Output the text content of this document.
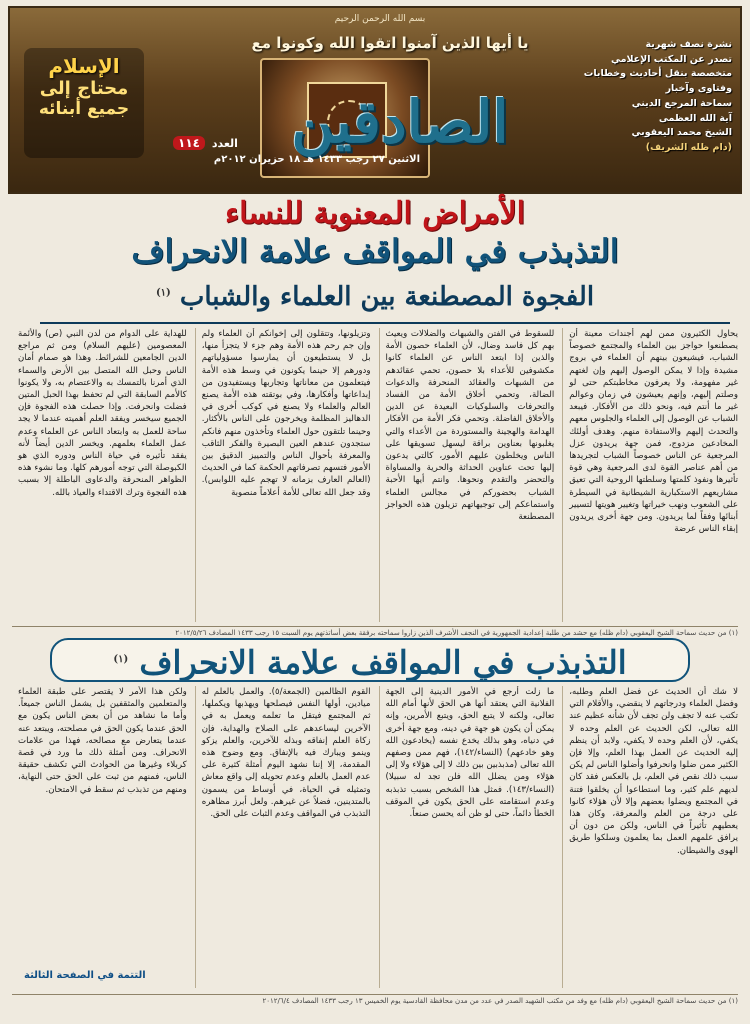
بسم الله الرحمن الرحيم
يا أيها الذين آمنوا اتقوا الله وكونوا مع	نشرة نصف شهرية
تصدر عن المكتب الإعلامي
متخصصة بنقل أحاديث وخطابات
وفتاوى وآخبار
سماحة المرجع الديني
آية الله العظمى
الشيخ محمد اليعقوبي
(دام ظله الشريف)
الصادقين
الإسلام
محتاج إلى
جميع أبنائه
العدد ١١٤
الاثنين ٢٧ رجب ١٤٣٣ هـ ١٨ حزيران ٢٠١٢م
الأمراض المعنوية للنساء
التذبذب في المواقف علامة الانحراف
الفجوة المصطنعة بين العلماء والشباب $^{(١)}$
يحاول الكثيرون ممن لهم أجندات معينة أن يصطنعوا حواجز بين العلماء والمجتمع خصوصاً الشباب، فيشيعون بينهم أن العلماء في بروج مشيدة وإذا لا يمكن الوصول إليهم وإن لغتهم غير مفهومة، ولا يعرفون مخاطبتكم حتى لو وصلتم إليهم، وإنهم يعيشون في زمان وعوالم غير ما أنتم فيه، ونحو ذلك من الأفكار. فيبعد الشباب عن الوصول إلى العلماء والجلوس معهم والتحدث إليهم والاستفادة منهم. وهدف أولئك المخادعين مزدوج، فمن جهة يريدون عزل المرجعية عن الناس خصوصاً الشباب لتجريدها من أهم عناصر القوة لدى المرجعية وهي قوة تأثيرها ونفوذ كلمتها وسلطتها الروحية التي تعيق مشاريعهم الاستكبارية الشيطانية في السيطرة على الشعوب ونهب خيراتها وتغيير هويتها لتسيير أبنائها وفقاً لما يريدون. ومن جهة أخرى يريدون إبقاء الناس عرضة
للسقوط في الفتن والشبهات والضلالات ويعيث بهم كل فاسد وضال، لأن العلماء حصون الأمة والذين إذا ابتعد الناس عن العلماء كانوا مكشوفين للأعداء بلا حصون، تحمي عقائدهم من الشبهات والعقائد المنحرفة والدعوات الضالة، وتحمي أخلاق الأمة من الفساد والتحرفات والسلوكيات البعيدة عن الدين والأخلاق الفاضلة. وتحمي فكر الأمة من الأفكار الهدامة والهجينة والمستوردة من الأعداء والتي يغلبونها بعناوين براقة ليسهل تسويقها على الناس ويخلطون عليهم الأمور، كالتي يدعون إليها تحت عناوين الحداثة والحرية والمساواة والتحضر والتقدم ونحوها. وانتم أيها الأحبة الشباب بحضوركم في مجالس العلماء واستماعكم إلى توجيهاتهم تزيلون هذه الحواجز المصطنعة
وتزيلونها، وتتقلون إلى إخوانكم أن العلماء ولم وإن جم رحم هذه الأمة وهم جزء لا يتجزأ منها، بل لا يستطيعون أن يمارسوا مسؤولياتهم ودورهم إلا حينما يكونون في وسط هذه الأمة فيتعلمون من معاناتها وتجاربها ويستفيدون من إبداعاتها وأفكارها، وفي بوتقته هذه الأمة يصنع العالم والعلماء ولا يصنع في كوكب أخرى في الدهاليز المظلمة ويخرجون على الناس بالأكثار. وحينما تلتقون حول العلماء وتأخذون منهم فانكم ستجدون عندهم العين البصيرة والفكر الثاقب والمعرفة بأحوال الناس والتمييز الدقيق بين الأمور فتسهم تصرفاتهم الحكمة كما في الحديث (العالم العارف بزمانه لا تهجم عليه اللوابس). وقد جعل الله تعالى للأمة أعلاماً منصوبة
للهداية على الدوام من لدن النبي (ص) والأئمة المعصومين (عليهم السلام) ومن ثم مراجع الدين الجامعين للشرائط. وهذا هو صمام أمان الناس وحبل الله المتصل بين الأرض والسماء الذي أمرنا بالتمسك به والاعتصام به، ولا يكونوا كالأمم السابقة التي لم تحفظ بهذا الحبل المتين فضلت وانحرفت. وإذا حصلت هذه الفجوة فإن الجميع سيخسر ويفقد العلم أهميته عندما لا يجد ساحة للعمل به وابتعاد الناس عن العلماء وعدم عمل العلماء بعلمهم. ويخسر الدين أيضاً لأنه يفقد تأثيره في حياة الناس ودوره الذي هو الكبوصلة التي توجه أمورهم كلها. وما نشوء هذه الظواهر المنحرفة والدعاوى الباطلة إلا بسبب هذه الفجوة وترك الاقتداء والعياذ بالله.
(١) من حديث سماحة الشيخ اليعقوبي (دام ظله) مع حشد من طلبة إعدادية الجمهورية في النجف الأشرف الذين زاروا سماحته برفقة بعض أساتذتهم يوم السبت ١٥ رجب ١٤٣٣ المصادف ٢٠١٢/٥/٢٦
التذبذب في المواقف علامة الانحراف $^{(١)}$
لا شك أن الحديث عن فضل العلم وطلبه، وفضل العلماء ودرجاتهم لا ينقضي، والأقلام التي تكتب عنه لا تجف ولن تجف لأن شأنه عظيم عند الله تعالى، لكن الحديث عن العلم وحده لا يكفي، لأن العلم وحده لا يكفي، ولابد أن ينظم إليه الحديث عن العمل بهذا العلم، وإلا فإن الكثير ممن ضلوا وانحرفوا وأضلوا الناس لم يكن سبب ذلك نقص في العلم، بل بالعكس فقد كان لديهم علم كثير، وما استطاعوا أن يخلقوا فتنة في المجتمع ويضلوا بعضهم وإلا لأن هؤلاء كانوا على درجة من العلم والمعرفة، وكان هذا يعطيهم تأثيراً في الناس، ولكن من دون أن يرافق علمهم العمل بما يعلمون وسلكوا طريق الهوى والشيطان.
ما زلت أرجع في الأمور الدينية إلى الجهة الفلانية التي يعتقد أنها هي الحق لأنها أمام الله تعالى، ولكنه لا يتبع الحق، ويتبع الأمرين، وإنه يمكن أن يكون هو جهة في دينه، ومع جهة أخرى في دنياه، وهو بذلك يخدع نفسه (يخادعون الله وهو خادعهم) (النساء/١٤٢)، فهم ممن وصفهم الله تعالى (مذبذبين بين ذلك لا إلى هؤلاء ولا إلى هؤلاء ومن يضلل الله فلن تجد له سبيلا) (النساء/١٤٣). فمثل هذا الشخص بسبب تذبذبه وعدم استقامته على الحق يكون في الموقف الخطأ دائماً، حتى لو ظن أنه يحسن صنعاً.
القوم الظالمين (الجمعة/٥). والعمل بالعلم له ميادين، أولها النفس فيصلحها ويهذبها ويكملها، ثم المجتمع فيتقل ما تعلمه ويعمل به في الآخرين ليساعدهم على الصلاح والهداية، فإن زكاة العلم إنفاقه وبذله للآخرين، والعلم يزكو وينمو ويبارك فيه بالإنفاق. ومع وضوح هذه المقدمة، إلا إننا نشهد اليوم أمثلة كثيرة على عدم العمل بالعلم وعدم تحويله إلى واقع معاش وتمثيله في الحياة، في أوساط من يسمون بالمتدينين، فضلاً عن غيرهم. ولعل أبرز مظاهره التذبذب في المواقف وعدم الثبات على الحق.
ولكن هذا الأمر لا يقتصر على طبقة العلماء والمتعلمين والمثقفين بل يشمل الناس جميعاً. وأما ما نشاهد من أن بعض الناس يكون مع الحق عندما يكون الحق في مصلحته، ويبتعد عنه عندما يتعارض مع مصالحه، فهذا من علامات الانحراف. ومن أمثلة ذلك ما ورد في قصة كربلاء وغيرها من الحوادث التي تكشف حقيقة الناس، فمنهم من ثبت على الحق حتى النهاية، ومنهم من تذبذب ثم سقط في الامتحان.
التتمة في الصفحة الثالثة
(١) من حديث سماحة الشيخ اليعقوبي (دام ظله) مع وفد من مكتب الشهيد الصدر في عدد من مدن محافظة القادسية يوم الخميس ١٣ رجب ١٤٣٣ المصادف ٢٠١٢/٦/٤
